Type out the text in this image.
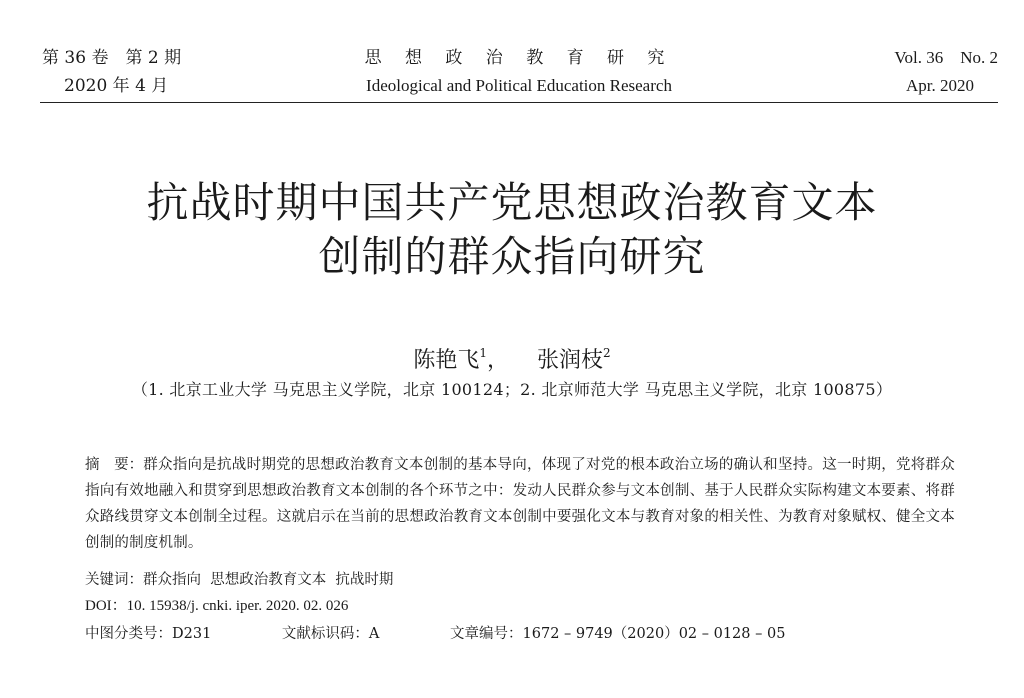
第 36 卷　第 2 期
2020 年 4 月
思 想 政 治 教 育 研 究
Ideological and Political Education Research
Vol. 36　No. 2
Apr. 2020
抗战时期中国共产党思想政治教育文本
创制的群众指向研究
陈艳飞$^1$， 张润枝$^2$
（1. 北京工业大学 马克思主义学院，北京 100124；2. 北京师范大学 马克思主义学院，北京 100875）
摘　要：群众指向是抗战时期党的思想政治教育文本创制的基本导向，体现了对党的根本政治立场的确认和坚持。这一时期，党将群众指向有效地融入和贯穿到思想政治教育文本创制的各个环节之中：发动人民群众参与文本创制、基于人民群众实际构建文本要素、将群众路线贯穿文本创制全过程。这就启示在当前的思想政治教育文本创制中要强化文本与教育对象的相关性、为教育对象赋权、健全文本创制的制度机制。
关键词：群众指向  思想政治教育文本  抗战时期
DOI：10. 15938/j. cnki. iper. 2020. 02. 026
中图分类号：D231	文献标识码：A	文章编号：1672 – 9749（2020）02 – 0128 – 05
